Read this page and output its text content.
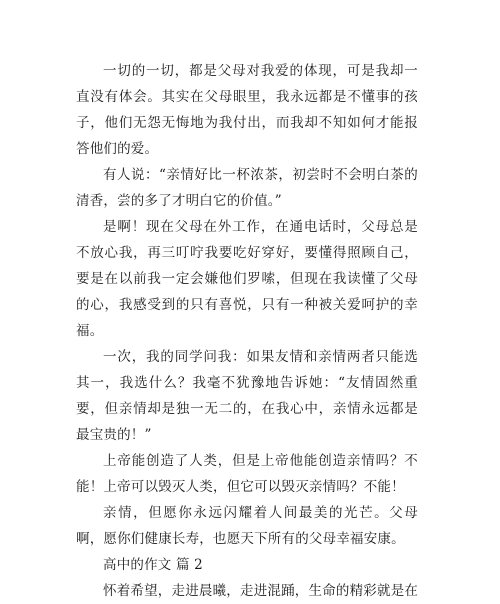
一切的一切，都是父母对我爱的体现，可是我却一直没有体会。其实在父母眼里，我永远都是不懂事的孩子，他们无怨无悔地为我付出，而我却不知如何才能报答他们的爱。

有人说：“亲情好比一杯浓茶，初尝时不会明白茶的清香，尝的多了才明白它的价值。”

是啊！现在父母在外工作，在通电话时，父母总是不放心我，再三叮咛我要吃好穿好，要懂得照顾自己，要是在以前我一定会嫌他们罗嗦，但现在我读懂了父母的心，我感受到的只有喜悦，只有一种被关爱呵护的幸福。

一次，我的同学问我：如果友情和亲情两者只能选其一，我选什么？我毫不犹豫地告诉她：“友情固然重要，但亲情却是独一无二的，在我心中，亲情永远都是最宝贵的！”

上帝能创造了人类，但是上帝他能创造亲情吗？不能！上帝可以毁灭人类，但它可以毁灭亲情吗？不能！

亲情，但愿你永远闪耀着人间最美的光芒。父母啊，愿你们健康长寿，也愿天下所有的父母幸福安康。

高中的作文 篇 2

怀着希望，走进晨曦，走进混踊，生命的精彩就是在
